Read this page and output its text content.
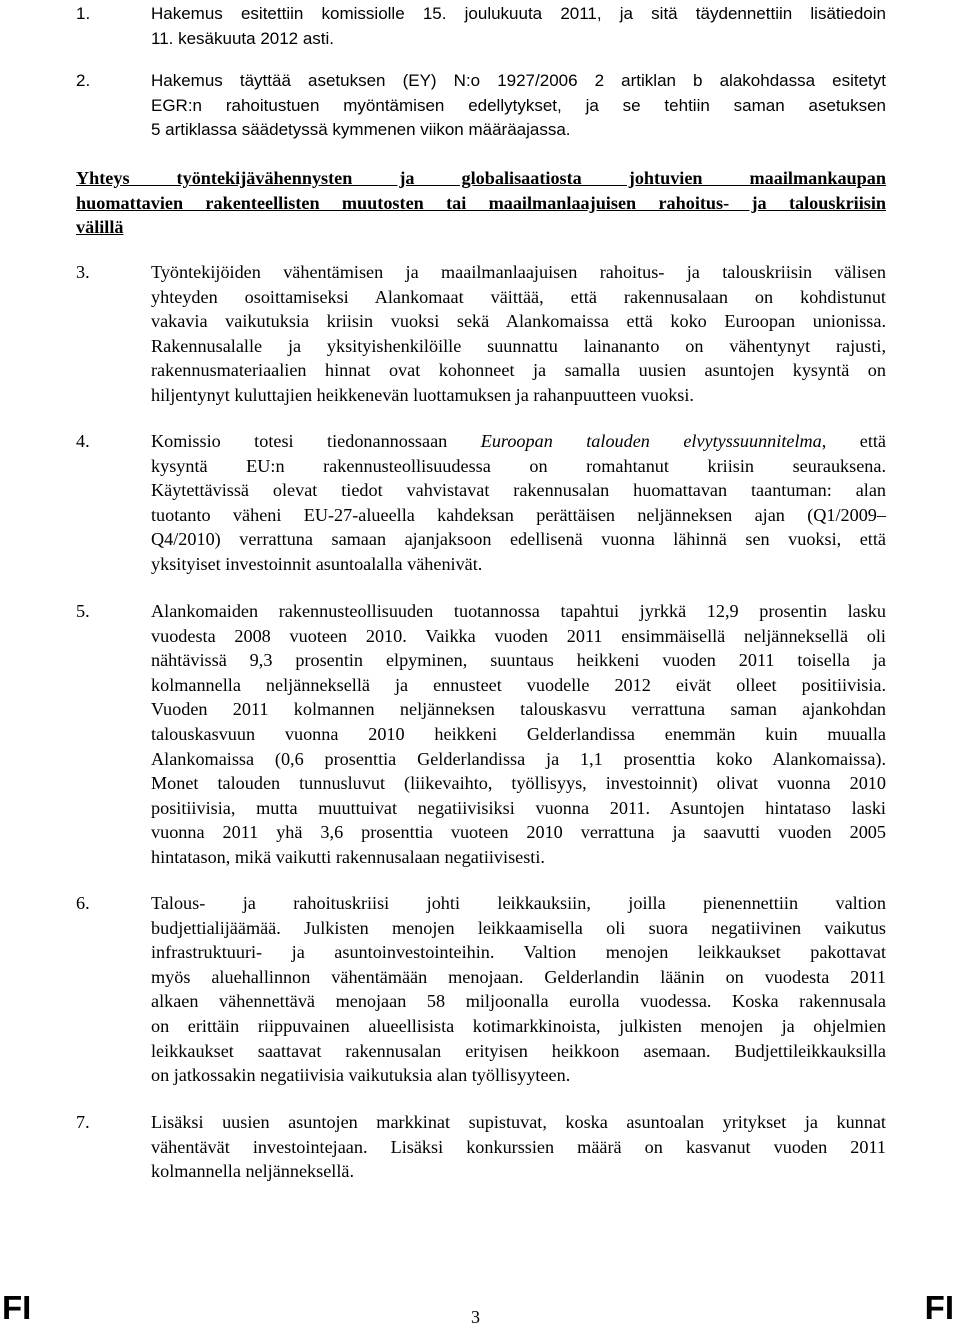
1.	Hakemus esitettiin komissiolle 15. joulukuuta 2011, ja sitä täydennettiin lisätiedoin
11. kesäkuuta 2012 asti.
2.	Hakemus täyttää asetuksen (EY) N:o 1927/2006 2 artiklan b alakohdassa esitetyt
EGR:n rahoitustuen myöntämisen edellytykset, ja se tehtiin saman asetuksen
5 artiklassa säädetyssä kymmenen viikon määräajassa.
Yhteys työntekijävähennysten ja globalisaatiosta johtuvien maailmankaupan
huomattavien rakenteellisten muutosten tai maailmanlaajuisen rahoitus- ja talouskriisin
välillä
3.	Työntekijöiden vähentämisen ja maailmanlaajuisen rahoitus- ja talouskriisin välisen
yhteyden osoittamiseksi Alankomaat väittää, että rakennusalaan on kohdistunut
vakavia vaikutuksia kriisin vuoksi sekä Alankomaissa että koko Euroopan unionissa.
Rakennusalalle ja yksityishenkilöille suunnattu lainananto on vähentynyt rajusti,
rakennusmateriaalien hinnat ovat kohonneet ja samalla uusien asuntojen kysyntä on
hiljentynyt kuluttajien heikkenevän luottamuksen ja rahanpuutteen vuoksi.
4.	Komissio totesi tiedonannossaan Euroopan talouden elvytyssuunnitelma, että
kysyntä EU:n rakennusteollisuudessa on romahtanut kriisin seurauksena.
Käytettävissä olevat tiedot vahvistavat rakennusalan huomattavan taantuman: alan
tuotanto väheni EU-27-alueella kahdeksan perättäisen neljänneksen ajan (Q1/2009–
Q4/2010) verrattuna samaan ajanjaksoon edellisenä vuonna lähinnä sen vuoksi, että
yksityiset investoinnit asuntoalalla vähenivät.
5.	Alankomaiden rakennusteollisuuden tuotannossa tapahtui jyrkkä 12,9 prosentin lasku
vuodesta 2008 vuoteen 2010. Vaikka vuoden 2011 ensimmäisellä neljänneksellä oli
nähtävissä 9,3 prosentin elpyminen, suuntaus heikkeni vuoden 2011 toisella ja
kolmannella neljänneksellä ja ennusteet vuodelle 2012 eivät olleet positiivisia.
Vuoden 2011 kolmannen neljänneksen talouskasvu verrattuna saman ajankohdan
talouskasvuun vuonna 2010 heikkeni Gelderlandissa enemmän kuin muualla
Alankomaissa (0,6 prosenttia Gelderlandissa ja 1,1 prosenttia koko Alankomaissa).
Monet talouden tunnusluvut (liikevaihto, työllisyys, investoinnit) olivat vuonna 2010
positiivisia, mutta muuttuivat negatiivisiksi vuonna 2011. Asuntojen hintataso laski
vuonna 2011 yhä 3,6 prosenttia vuoteen 2010 verrattuna ja saavutti vuoden 2005
hintatason, mikä vaikutti rakennusalaan negatiivisesti.
6.	Talous- ja rahoituskriisi johti leikkauksiin, joilla pienennettiin valtion
budjettialijäämää. Julkisten menojen leikkaamisella oli suora negatiivinen vaikutus
infrastruktuuri- ja asuntoinvestointeihin. Valtion menojen leikkaukset pakottavat
myös aluehallinnon vähentämään menojaan. Gelderlandin läänin on vuodesta 2011
alkaen vähennettävä menojaan 58 miljoonalla eurolla vuodessa. Koska rakennusala
on erittäin riippuvainen alueellisista kotimarkkinoista, julkisten menojen ja ohjelmien
leikkaukset saattavat rakennusalan erityisen heikkoon asemaan. Budjettileikkauksilla
on jatkossakin negatiivisia vaikutuksia alan työllisyyteen.
7.	Lisäksi uusien asuntojen markkinat supistuvat, koska asuntoalan yritykset ja kunnat
vähentävät investointejaan. Lisäksi konkurssien määrä on kasvanut vuoden 2011
kolmannella neljänneksellä.
FI	3	FI
